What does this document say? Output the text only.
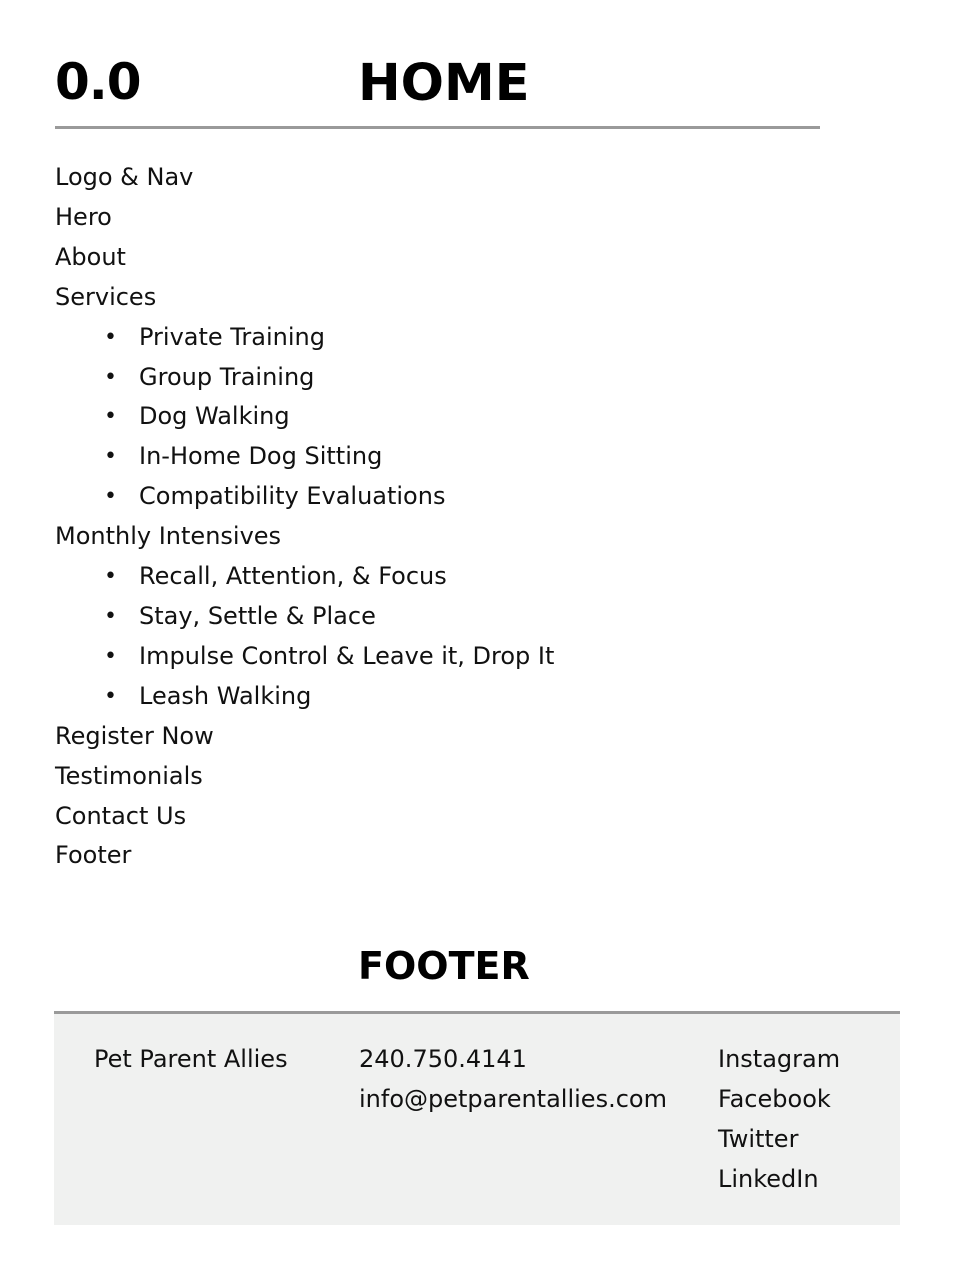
0.0	HOME
Logo & Nav
Hero
About
Services
• Private Training
• Group Training
• Dog Walking
• In-Home Dog Sitting
• Compatibility Evaluations
Monthly Intensives
• Recall, Attention, & Focus
• Stay, Settle & Place
• Impulse Control & Leave it, Drop It
• Leash Walking
Register Now
Testimonials
Contact Us
Footer
FOOTER
Pet Parent Allies	240.750.4141
info@petparentallies.com
Instagram
Facebook
Twitter
LinkedIn
